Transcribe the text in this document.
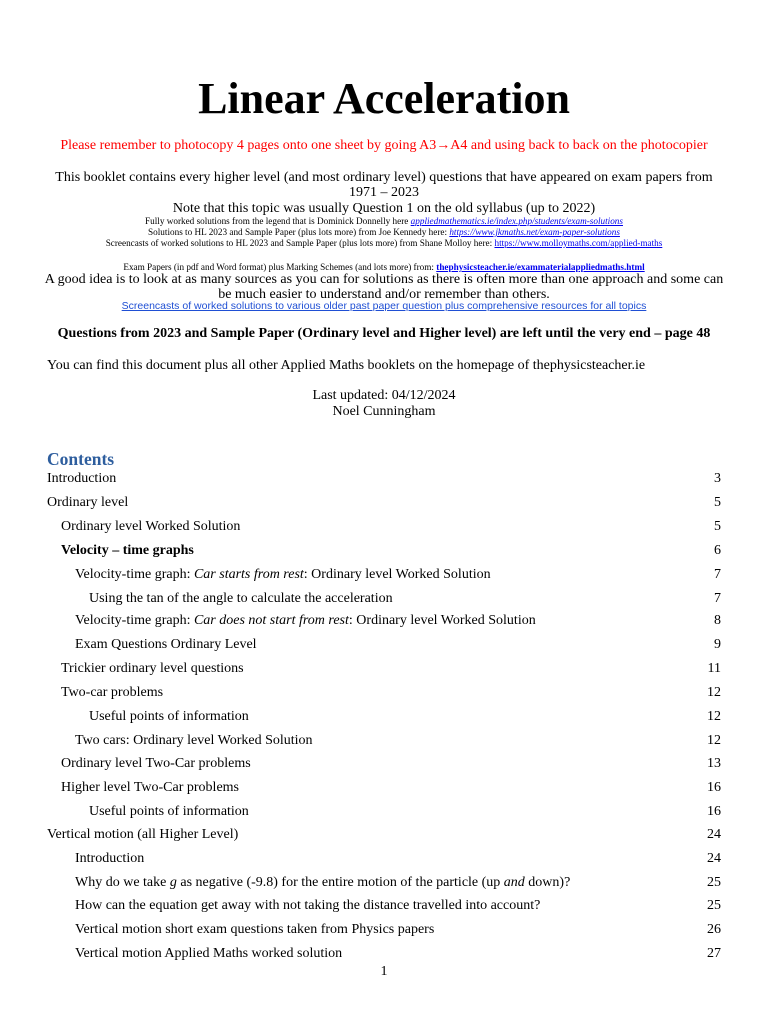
Linear Acceleration
Please remember to photocopy 4 pages onto one sheet by going A3→A4 and using back to back on the photocopier
This booklet contains every higher level (and most ordinary level) questions that have appeared on exam papers from 1971 – 2023
Note that this topic was usually Question 1 on the old syllabus (up to 2022)
Fully worked solutions from the legend that is Dominick Donnelly here appliedmathematics.ie/index.php/students/exam-solutions
Solutions to HL 2023 and Sample Paper (plus lots more) from Joe Kennedy here: https://www.jkmaths.net/exam-paper-solutions
Screencasts of worked solutions to HL 2023 and Sample Paper (plus lots more) from Shane Molloy here: https://www.molloymaths.com/applied-maths
Exam Papers (in pdf and Word format) plus Marking Schemes (and lots more) from: thephysicsteacher.ie/exammaterialappliedmaths.html
A good idea is to look at as many sources as you can for solutions as there is often more than one approach and some can be much easier to understand and/or remember than others.
Screencasts of worked solutions to various older past paper question plus comprehensive resources for all topics
Questions from 2023 and Sample Paper (Ordinary level and Higher level) are left until the very end – page 48
You can find this document plus all other Applied Maths booklets on the homepage of thephysicsteacher.ie
Last updated: 04/12/2024
Noel Cunningham
Contents
Introduction	3
Ordinary level	5
Ordinary level Worked Solution	5
Velocity – time graphs	6
Velocity-time graph: Car starts from rest: Ordinary level Worked Solution	7
Using the tan of the angle to calculate the acceleration	7
Velocity-time graph: Car does not start from rest: Ordinary level Worked Solution	8
Exam Questions Ordinary Level	9
Trickier ordinary level questions	11
Two-car problems	12
Useful points of information	12
Two cars: Ordinary level Worked Solution	12
Ordinary level Two-Car problems	13
Higher level Two-Car problems	16
Useful points of information	16
Vertical motion (all Higher Level)	24
Introduction	24
Why do we take g as negative (-9.8) for the entire motion of the particle (up and down)?	25
How can the equation get away with not taking the distance travelled into account?	25
Vertical motion short exam questions taken from Physics papers	26
Vertical motion Applied Maths worked solution	27
1
